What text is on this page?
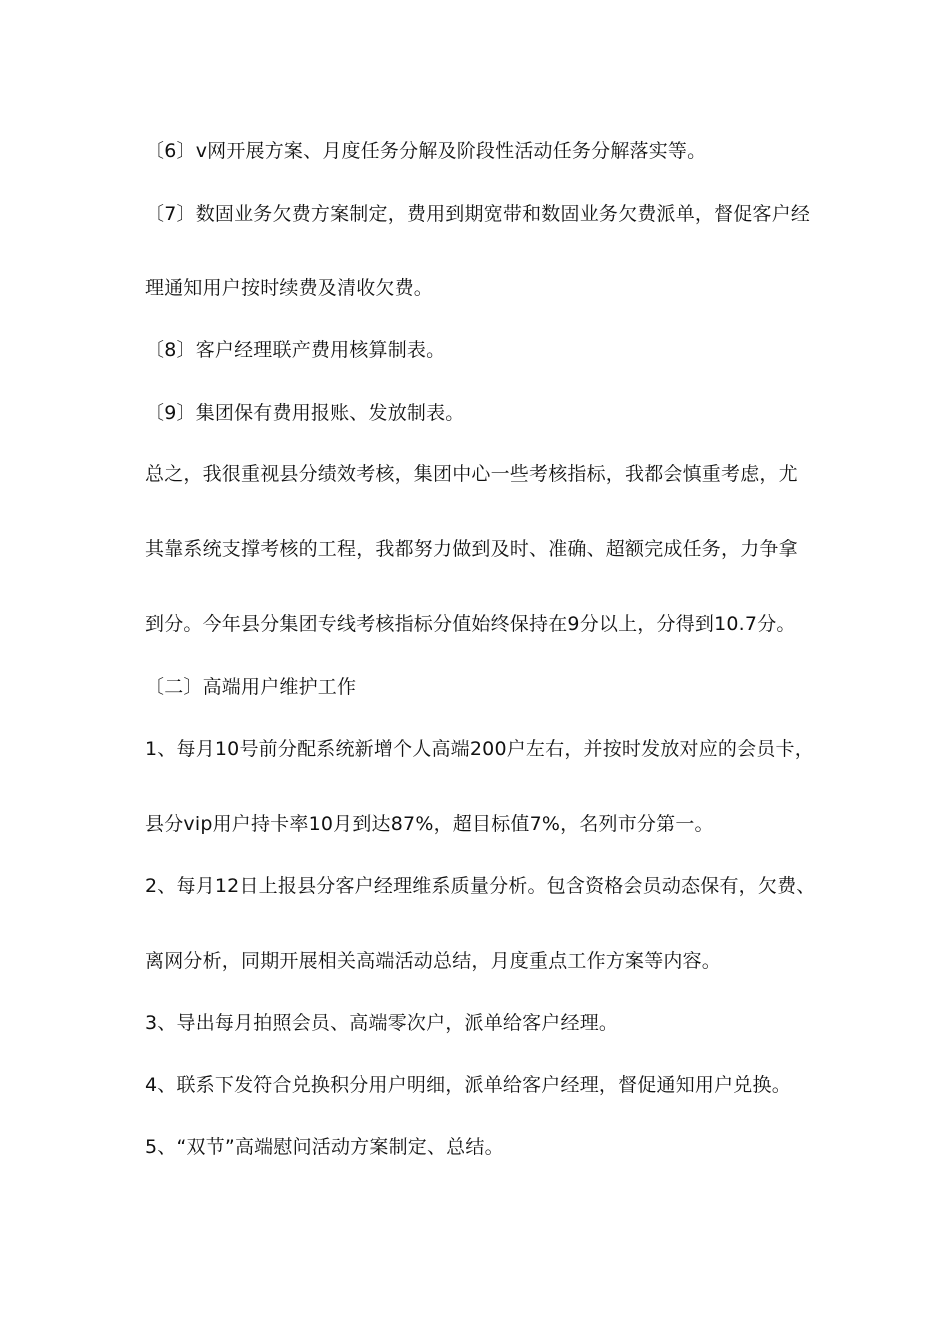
〔6〕v网开展方案、月度任务分解及阶段性活动任务分解落实等。
〔7〕数固业务欠费方案制定，费用到期宽带和数固业务欠费派单，督促客户经
理通知用户按时续费及清收欠费。
〔8〕客户经理联产费用核算制表。
〔9〕集团保有费用报账、发放制表。
总之，我很重视县分绩效考核，集团中心一些考核指标，我都会慎重考虑，尤
其靠系统支撑考核的工程，我都努力做到及时、准确、超额完成任务，力争拿
到分。今年县分集团专线考核指标分值始终保持在9分以上，分得到10.7分。
〔二〕高端用户维护工作
1、每月10号前分配系统新增个人高端200户左右，并按时发放对应的会员卡，
县分vip用户持卡率10月到达87%，超目标值7%，名列市分第一。
2、每月12日上报县分客户经理维系质量分析。包含资格会员动态保有，欠费、
离网分析，同期开展相关高端活动总结，月度重点工作方案等内容。
3、导出每月拍照会员、高端零次户，派单给客户经理。
4、联系下发符合兑换积分用户明细，派单给客户经理，督促通知用户兑换。
5、“双节”高端慰问活动方案制定、总结。
